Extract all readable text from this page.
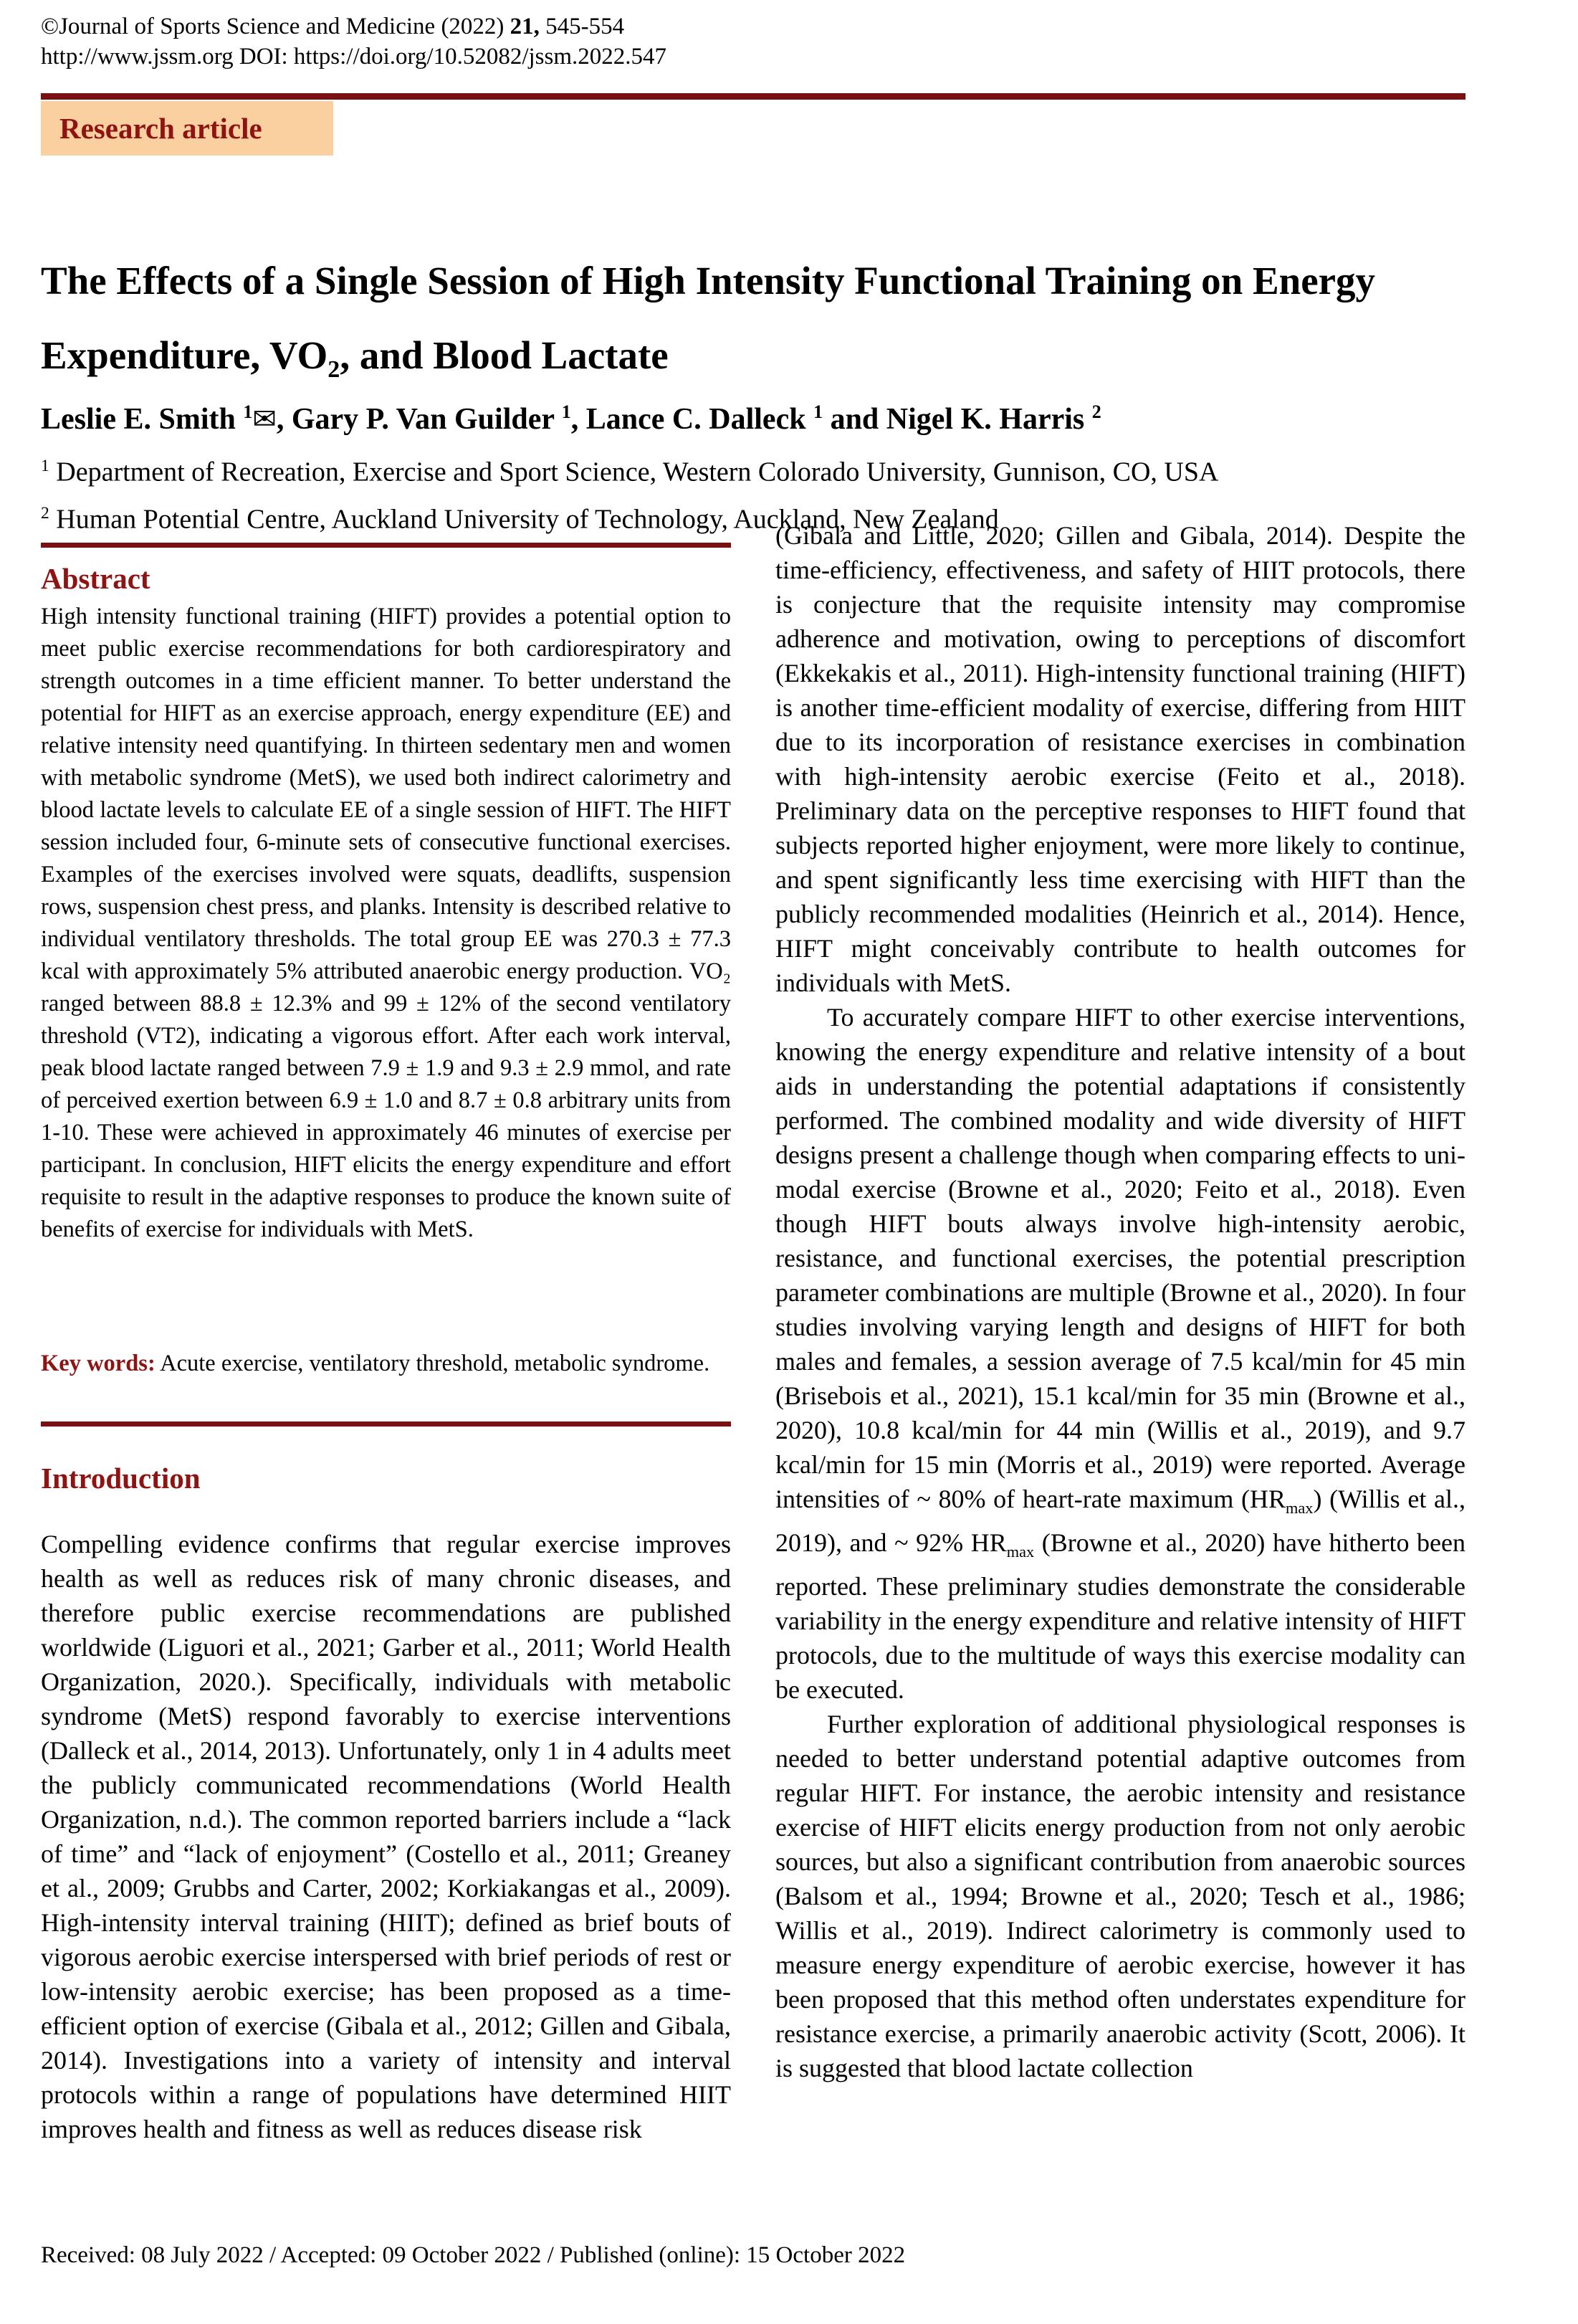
©Journal of Sports Science and Medicine (2022) 21, 545-554
http://www.jssm.org DOI: https://doi.org/10.52082/jssm.2022.547
Research article
The Effects of a Single Session of High Intensity Functional Training on Energy
Expenditure, $VO_2$, and Blood Lactate
Leslie E. Smith $^1$✉, Gary P. Van Guilder $^1$, Lance C. Dalleck $^1$ and Nigel K. Harris $^2$
$^1$ Department of Recreation, Exercise and Sport Science, Western Colorado University, Gunnison, CO, USA
$^2$ Human Potential Centre, Auckland University of Technology, Auckland, New Zealand
Abstract

High intensity functional training (HIFT) provides a potential option to meet public exercise recommendations for both cardiorespiratory and strength outcomes in a time efficient manner. To better understand the potential for HIFT as an exercise approach, energy expenditure (EE) and relative intensity need quantifying. In thirteen sedentary men and women with metabolic syndrome (MetS), we used both indirect calorimetry and blood lactate levels to calculate EE of a single session of HIFT. The HIFT session included four, 6-minute sets of consecutive functional exercises. Examples of the exercises involved were squats, deadlifts, suspension rows, suspension chest press, and planks. Intensity is described relative to individual ventilatory thresholds. The total group EE was 270.3 ± 77.3 kcal with approximately 5% attributed anaerobic energy production. VO₂ ranged between 88.8 ± 12.3% and 99 ± 12% of the second ventilatory threshold (VT2), indicating a vigorous effort. After each work interval, peak blood lactate ranged between 7.9 ± 1.9 and 9.3 ± 2.9 mmol, and rate of perceived exertion between 6.9 ± 1.0 and 8.7 ± 0.8 arbitrary units from 1-10. These were achieved in approximately 46 minutes of exercise per participant. In conclusion, HIFT elicits the energy expenditure and effort requisite to result in the adaptive responses to produce the known suite of benefits of exercise for individuals with MetS.

Key words: Acute exercise, ventilatory threshold, metabolic syndrome.

Introduction

Compelling evidence confirms that regular exercise improves health as well as reduces risk of many chronic diseases, and therefore public exercise recommendations are published worldwide (Liguori et al., 2021; Garber et al., 2011; World Health Organization, 2020.). Specifically, individuals with metabolic syndrome (MetS) respond favorably to exercise interventions (Dalleck et al., 2014, 2013). Unfortunately, only 1 in 4 adults meet the publicly communicated recommendations (World Health Organization, n.d.). The common reported barriers include a “lack of time” and “lack of enjoyment” (Costello et al., 2011; Greaney et al., 2009; Grubbs and Carter, 2002; Korkiakangas et al., 2009). High-intensity interval training (HIIT); defined as brief bouts of vigorous aerobic exercise interspersed with brief periods of rest or low-intensity aerobic exercise; has been proposed as a time-efficient option of exercise (Gibala et al., 2012; Gillen and Gibala, 2014). Investigations into a variety of intensity and interval protocols within a range of populations have determined HIIT improves health and fitness as well as reduces disease risk

(Gibala and Little, 2020; Gillen and Gibala, 2014). Despite the time-efficiency, effectiveness, and safety of HIIT protocols, there is conjecture that the requisite intensity may compromise adherence and motivation, owing to perceptions of discomfort (Ekkekakis et al., 2011). High-intensity functional training (HIFT) is another time-efficient modality of exercise, differing from HIIT due to its incorporation of resistance exercises in combination with high-intensity aerobic exercise (Feito et al., 2018). Preliminary data on the perceptive responses to HIFT found that subjects reported higher enjoyment, were more likely to continue, and spent significantly less time exercising with HIFT than the publicly recommended modalities (Heinrich et al., 2014). Hence, HIFT might conceivably contribute to health outcomes for individuals with MetS.

To accurately compare HIFT to other exercise interventions, knowing the energy expenditure and relative intensity of a bout aids in understanding the potential adaptations if consistently performed. The combined modality and wide diversity of HIFT designs present a challenge though when comparing effects to uni-modal exercise (Browne et al., 2020; Feito et al., 2018). Even though HIFT bouts always involve high-intensity aerobic, resistance, and functional exercises, the potential prescription parameter combinations are multiple (Browne et al., 2020). In four studies involving varying length and designs of HIFT for both males and females, a session average of 7.5 kcal/min for 45 min (Brisebois et al., 2021), 15.1 kcal/min for 35 min (Browne et al., 2020), 10.8 kcal/min for 44 min (Willis et al., 2019), and 9.7 kcal/min for 15 min (Morris et al., 2019) were reported. Average intensities of ~ 80% of heart-rate maximum $(HR_{max})$ (Willis et al., 2019), and ~ 92% $HR_{max}$ (Browne et al., 2020) have hitherto been reported. These preliminary studies demonstrate the considerable variability in the energy expenditure and relative intensity of HIFT protocols, due to the multitude of ways this exercise modality can be executed.

Further exploration of additional physiological responses is needed to better understand potential adaptive outcomes from regular HIFT. For instance, the aerobic intensity and resistance exercise of HIFT elicits energy production from not only aerobic sources, but also a significant contribution from anaerobic sources (Balsom et al., 1994; Browne et al., 2020; Tesch et al., 1986; Willis et al., 2019). Indirect calorimetry is commonly used to measure energy expenditure of aerobic exercise, however it has been proposed that this method often understates expenditure for resistance exercise, a primarily anaerobic activity (Scott, 2006). It is suggested that blood lactate collection

Received: 08 July 2022 / Accepted: 09 October 2022 / Published (online): 15 October 2022
